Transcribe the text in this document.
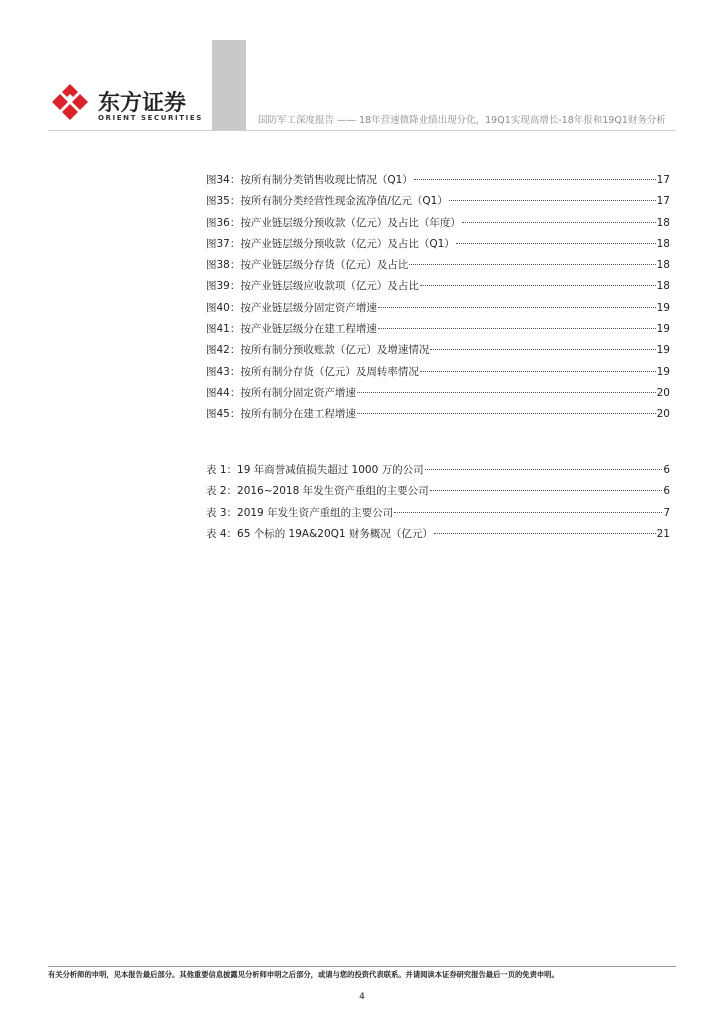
东方证券
ORIENT SECURITIES	国防军工深度报告 —— 18年营速微降业绩出现分化，19Q1实现高增长-18年报和19Q1财务分析
图34：按所有制分类销售收现比情况（Q1）	17
图35：按所有制分类经营性现金流净值/亿元（Q1）	17
图36：按产业链层级分预收款（亿元）及占比（年度）	18
图37：按产业链层级分预收款（亿元）及占比（Q1）	18
图38：按产业链层级分存货（亿元）及占比	18
图39：按产业链层级应收款项（亿元）及占比	18
图40：按产业链层级分固定资产增速	19
图41：按产业链层级分在建工程增速	19
图42：按所有制分预收账款（亿元）及增速情况	19
图43：按所有制分存货（亿元）及周转率情况	19
图44：按所有制分固定资产增速	20
图45：按所有制分在建工程增速	20
表 1：19 年商誉减值损失超过 1000 万的公司	6
表 2：2016~2018 年发生资产重组的主要公司	6
表 3：2019 年发生资产重组的主要公司	7
表 4：65 个标的 19A&20Q1 财务概况（亿元）	21
有关分析师的申明，见本报告最后部分。其他重要信息披露见分析师申明之后部分，或请与您的投资代表联系。并请阅读本证券研究报告最后一页的免责申明。
4
